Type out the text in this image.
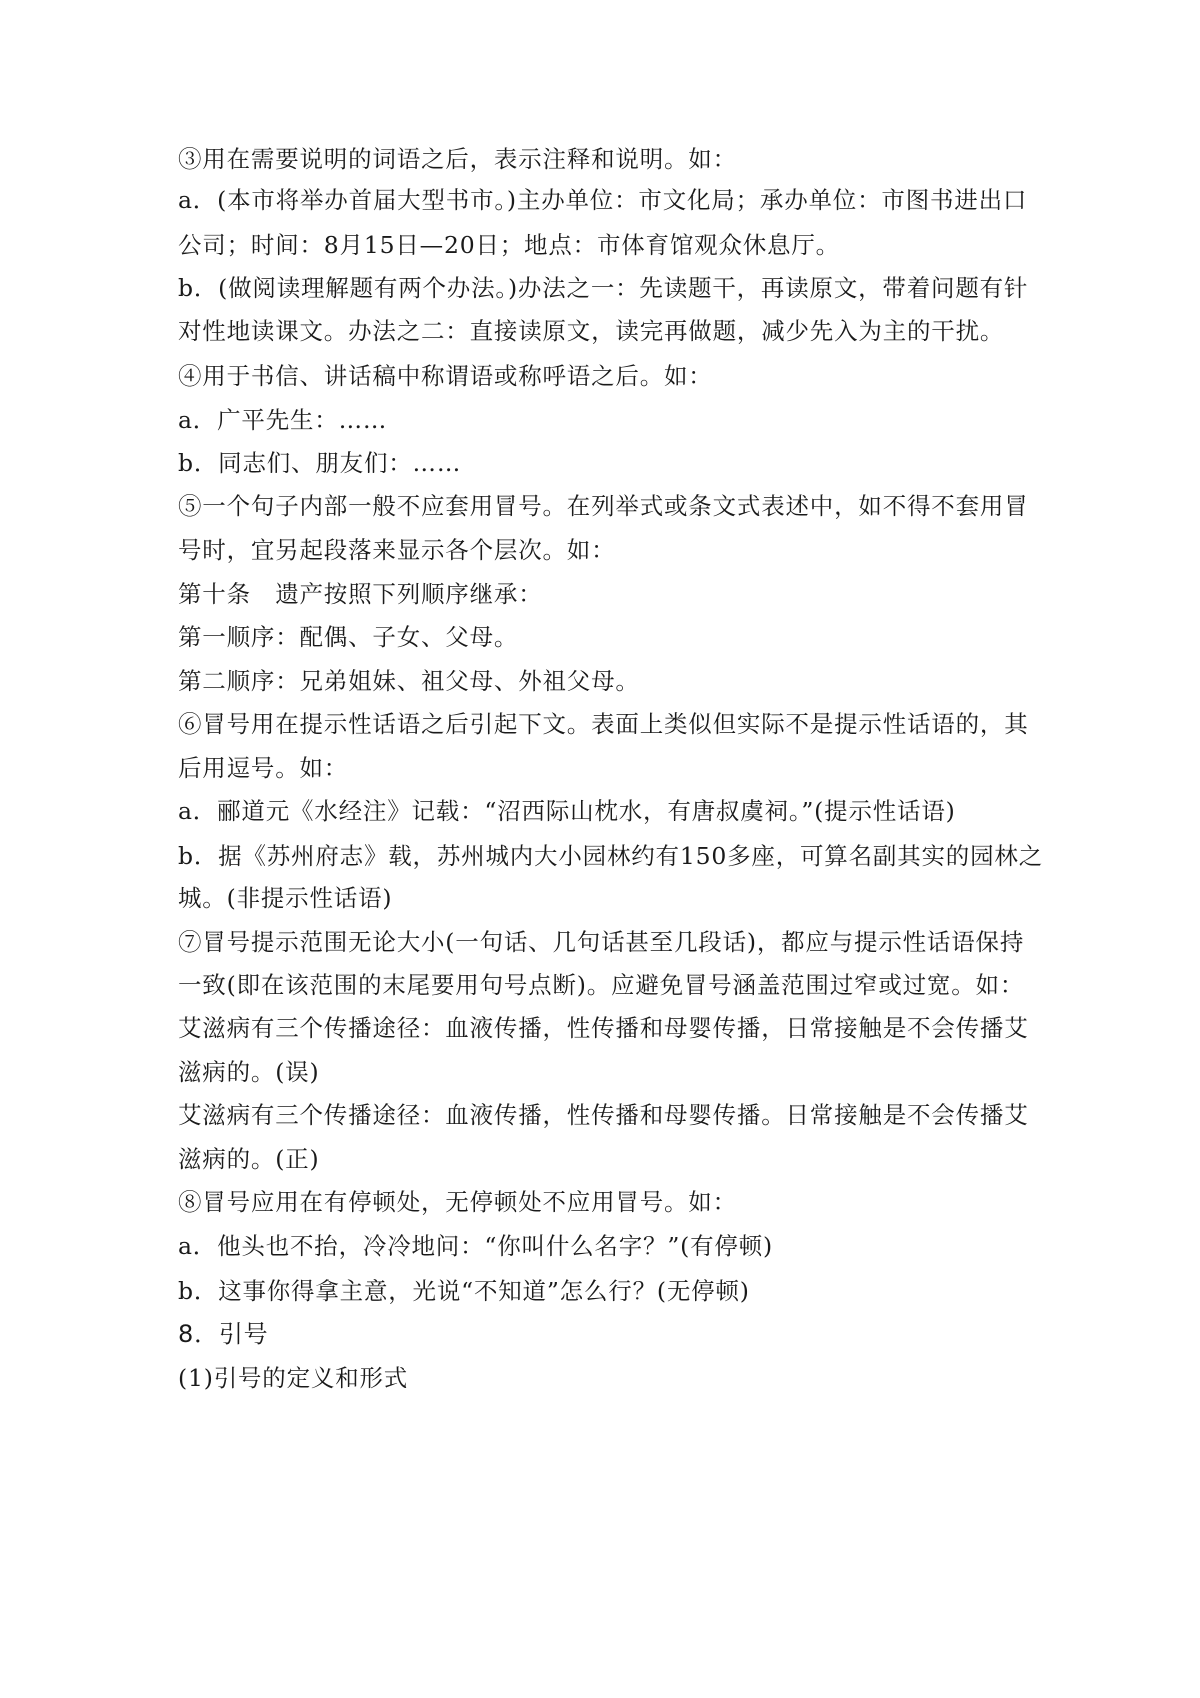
③用在需要说明的词语之后，表示注释和说明。如：
a．(本市将举办首届大型书市。)主办单位：市文化局；承办单位：市图书进出口
公司；时间：8月15日—20日；地点：市体育馆观众休息厅。
b．(做阅读理解题有两个办法。)办法之一：先读题干，再读原文，带着问题有针
对性地读课文。办法之二：直接读原文，读完再做题，减少先入为主的干扰。
④用于书信、讲话稿中称谓语或称呼语之后。如：
a．广平先生：……
b．同志们、朋友们：……
⑤一个句子内部一般不应套用冒号。在列举式或条文式表述中，如不得不套用冒
号时，宜另起段落来显示各个层次。如：
第十条　遗产按照下列顺序继承：
第一顺序：配偶、子女、父母。
第二顺序：兄弟姐妹、祖父母、外祖父母。
⑥冒号用在提示性话语之后引起下文。表面上类似但实际不是提示性话语的，其
后用逗号。如：
a．郦道元《水经注》记载：“沼西际山枕水，有唐叔虞祠。”(提示性话语)
b．据《苏州府志》载，苏州城内大小园林约有150多座，可算名副其实的园林之
城。(非提示性话语)
⑦冒号提示范围无论大小(一句话、几句话甚至几段话)，都应与提示性话语保持
一致(即在该范围的末尾要用句号点断)。应避免冒号涵盖范围过窄或过宽。如：
艾滋病有三个传播途径：血液传播，性传播和母婴传播，日常接触是不会传播艾
滋病的。(误)
艾滋病有三个传播途径：血液传播，性传播和母婴传播。日常接触是不会传播艾
滋病的。(正)
⑧冒号应用在有停顿处，无停顿处不应用冒号。如：
a．他头也不抬，冷冷地问：“你叫什么名字？”(有停顿)
b．这事你得拿主意，光说“不知道”怎么行？(无停顿)
8．引号
(1)引号的定义和形式
